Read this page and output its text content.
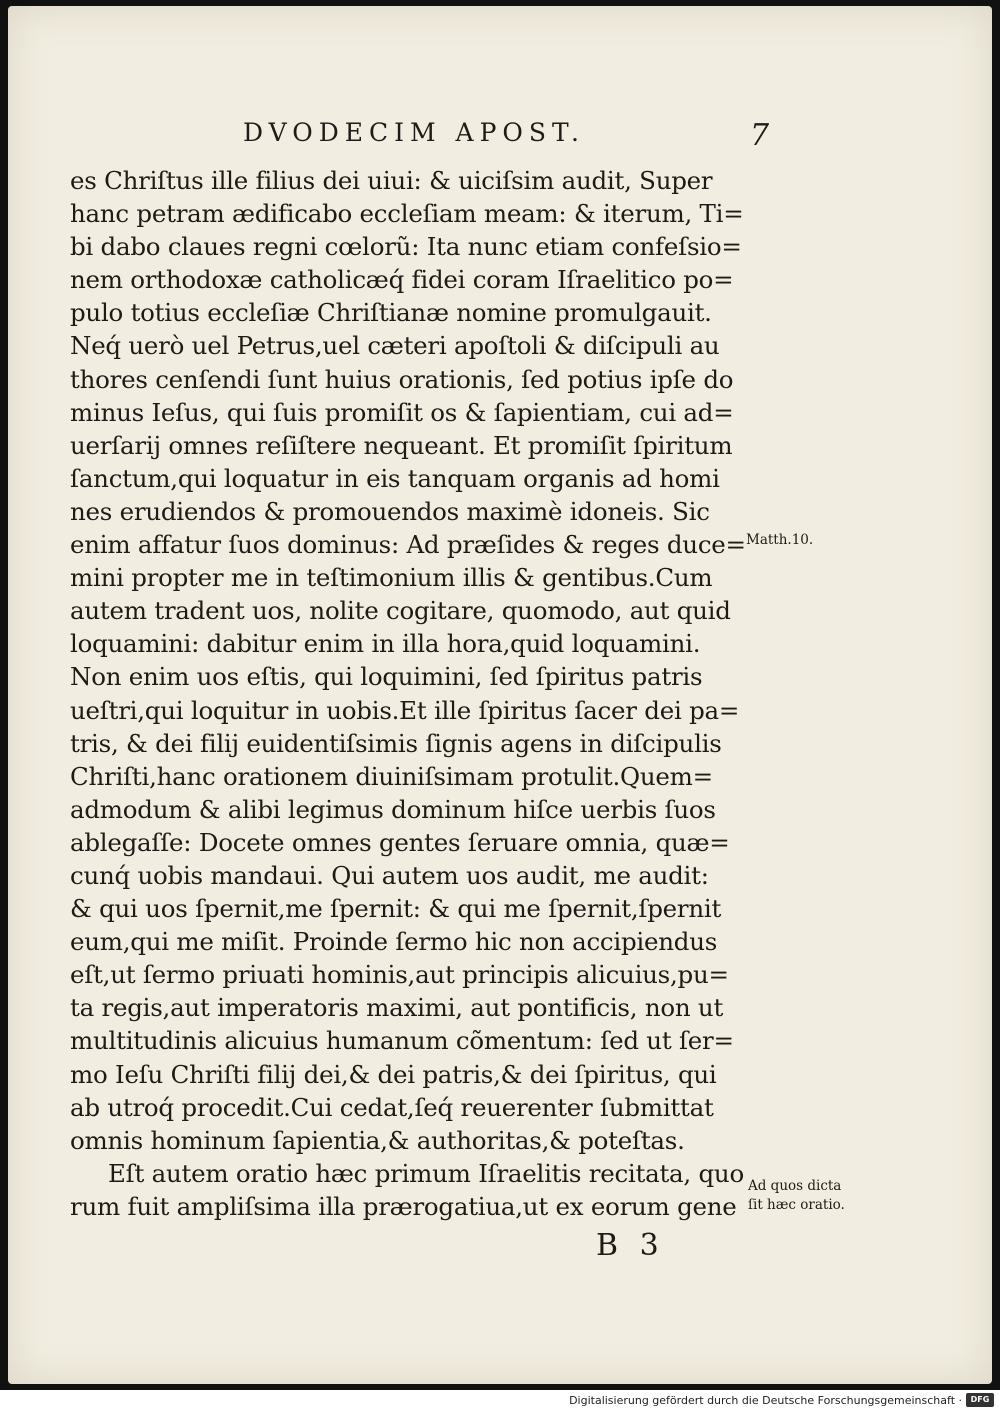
DVODECIM APOST.	7
es Chriſtus ille filius dei uiui: & uiciſsim audit, Super
hanc petram ædificabo eccleſiam meam: & iterum, Ti=
bi dabo claues regni cœlorũ: Ita nunc etiam confeſsio=
nem orthodoxæ catholicæq́ fidei coram Iſraelitico po=
pulo totius eccleſiæ Chriſtianæ nomine promulgauit.
Neq́ uerò uel Petrus,uel cæteri apoſtoli & diſcipuli au
thores cenſendi ſunt huius orationis, ſed potius ipſe do
minus Ieſus, qui ſuis promiſit os & ſapientiam, cui ad=
uerſarij omnes reſiſtere nequeant. Et promiſit ſpiritum
ſanctum,qui loquatur in eis tanquam organis ad homi
nes erudiendos & promouendos maximè idoneis. Sic
enim affatur ſuos dominus: Ad præſides & reges duce=
mini propter me in teſtimonium illis & gentibus.Cum
autem tradent uos, nolite cogitare, quomodo, aut quid
loquamini: dabitur enim in illa hora,quid loquamini.
Non enim uos eſtis, qui loquimini, ſed ſpiritus patris
ueſtri,qui loquitur in uobis.Et ille ſpiritus ſacer dei pa=
tris, & dei filij euidentiſsimis ſignis agens in diſcipulis
Chriſti,hanc orationem diuiniſsimam protulit.Quem=
admodum & alibi legimus dominum hiſce uerbis ſuos
ablegaſſe: Docete omnes gentes ſeruare omnia, quæ=
cunq́ uobis mandaui. Qui autem uos audit, me audit:
& qui uos ſpernit,me ſpernit: & qui me ſpernit,ſpernit
eum,qui me miſit. Proinde ſermo hic non accipiendus
eſt,ut ſermo priuati hominis,aut principis alicuius,pu=
ta regis,aut imperatoris maximi, aut pontificis, non ut
multitudinis alicuius humanum cõmentum: ſed ut ſer=
mo Ieſu Chriſti filij dei,& dei patris,& dei ſpiritus, qui
ab utroq́ procedit.Cui cedat,ſeq́ reuerenter ſubmittat
omnis hominum ſapientia,& authoritas,& poteſtas.
Eſt autem oratio hæc primum Iſraelitis recitata, quo
rum fuit ampliſsima illa prærogatiua,ut ex eorum gene
Matth.10.
Ad quos dicta
ſit hæc oratio.
B 3
Digitalisierung gefördert durch die Deutsche Forschungsgemeinschaft ·	DFG
